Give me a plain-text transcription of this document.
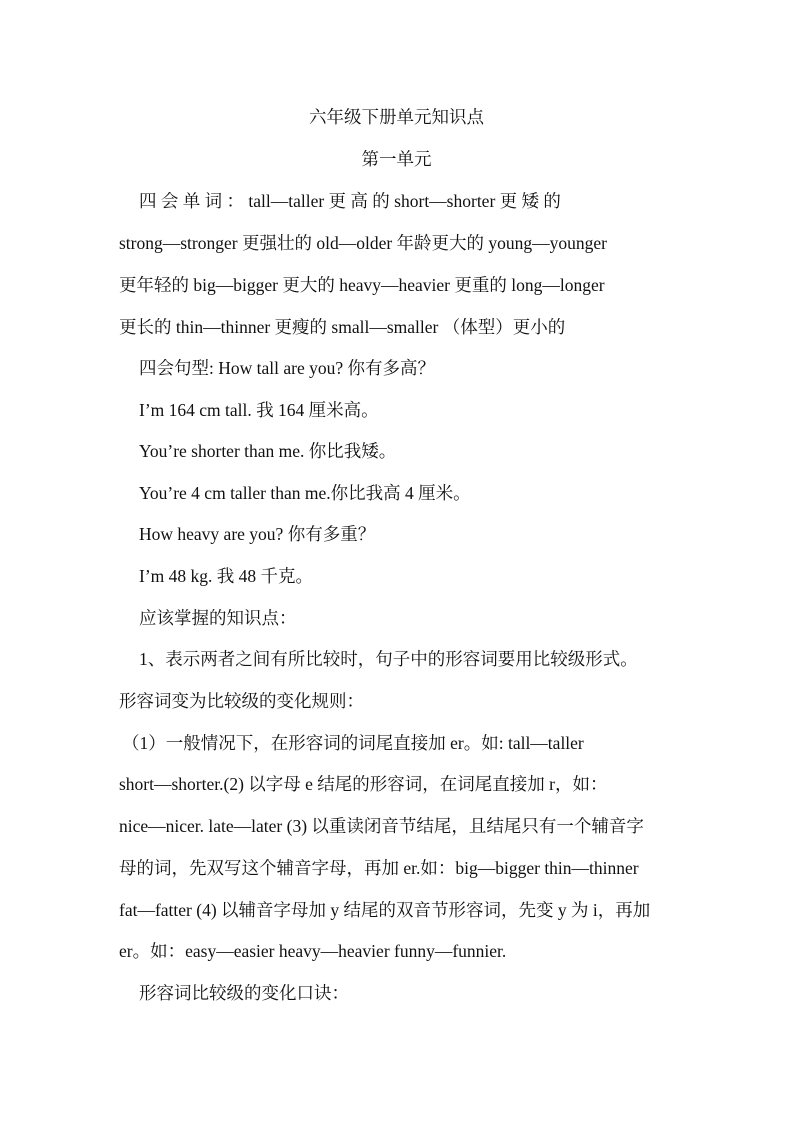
六年级下册单元知识点
第一单元
四 会 单 词 ： tall—taller 更 高 的 short—shorter 更 矮 的
strong—stronger 更强壮的 old—older 年龄更大的 young—younger
更年轻的 big—bigger 更大的 heavy—heavier 更重的 long—longer
更长的 thin—thinner 更瘦的 small—smaller （体型）更小的
四会句型: How tall are you? 你有多高？
I’m 164 cm tall. 我 164 厘米高。
You’re shorter than me. 你比我矮。
You’re 4 cm taller than me.你比我高 4 厘米。
How heavy are you? 你有多重？
I’m 48 kg. 我 48 千克。
应该掌握的知识点：
1、表示两者之间有所比较时，句子中的形容词要用比较级形式。
形容词变为比较级的变化规则：
（1）一般情况下，在形容词的词尾直接加 er。如: tall—taller
short—shorter.(2) 以字母 e 结尾的形容词，在词尾直接加 r，如：
nice—nicer. late—later (3) 以重读闭音节结尾，且结尾只有一个辅音字
母的词，先双写这个辅音字母，再加 er.如：big—bigger thin—thinner
fat—fatter (4) 以辅音字母加 y 结尾的双音节形容词，先变 y 为 i，再加
er。如：easy—easier heavy—heavier funny—funnier.
形容词比较级的变化口诀：
